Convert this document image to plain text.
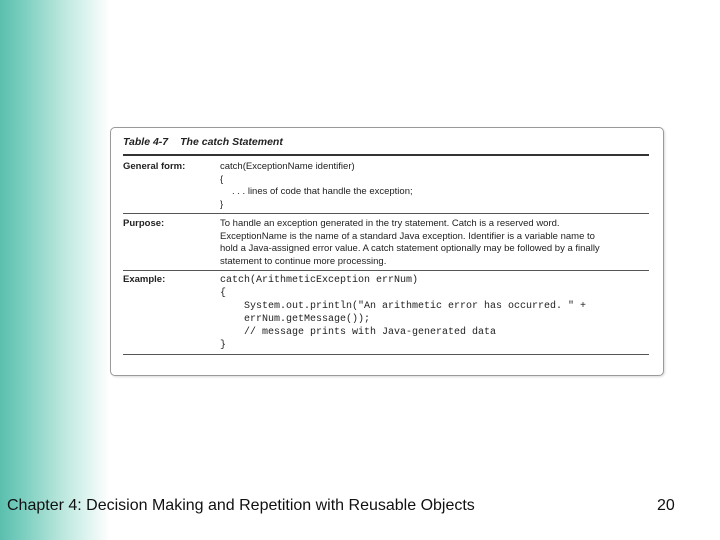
Table 4-7 The catch Statement
General form:	catch(ExceptionName identifier)
{
. . . lines of code that handle the exception;
}
Purpose:	To handle an exception generated in the try statement. Catch is a reserved word.
ExceptionName is the name of a standard Java exception. Identifier is a variable name to
hold a Java-assigned error value. A catch statement optionally may be followed by a finally
statement to continue more processing.
Example:	catch(ArithmeticException errNum)
{
System.out.println("An arithmetic error has occurred. " +
errNum.getMessage());
// message prints with Java-generated data
}
Chapter 4: Decision Making and Repetition with Reusable Objects	20
